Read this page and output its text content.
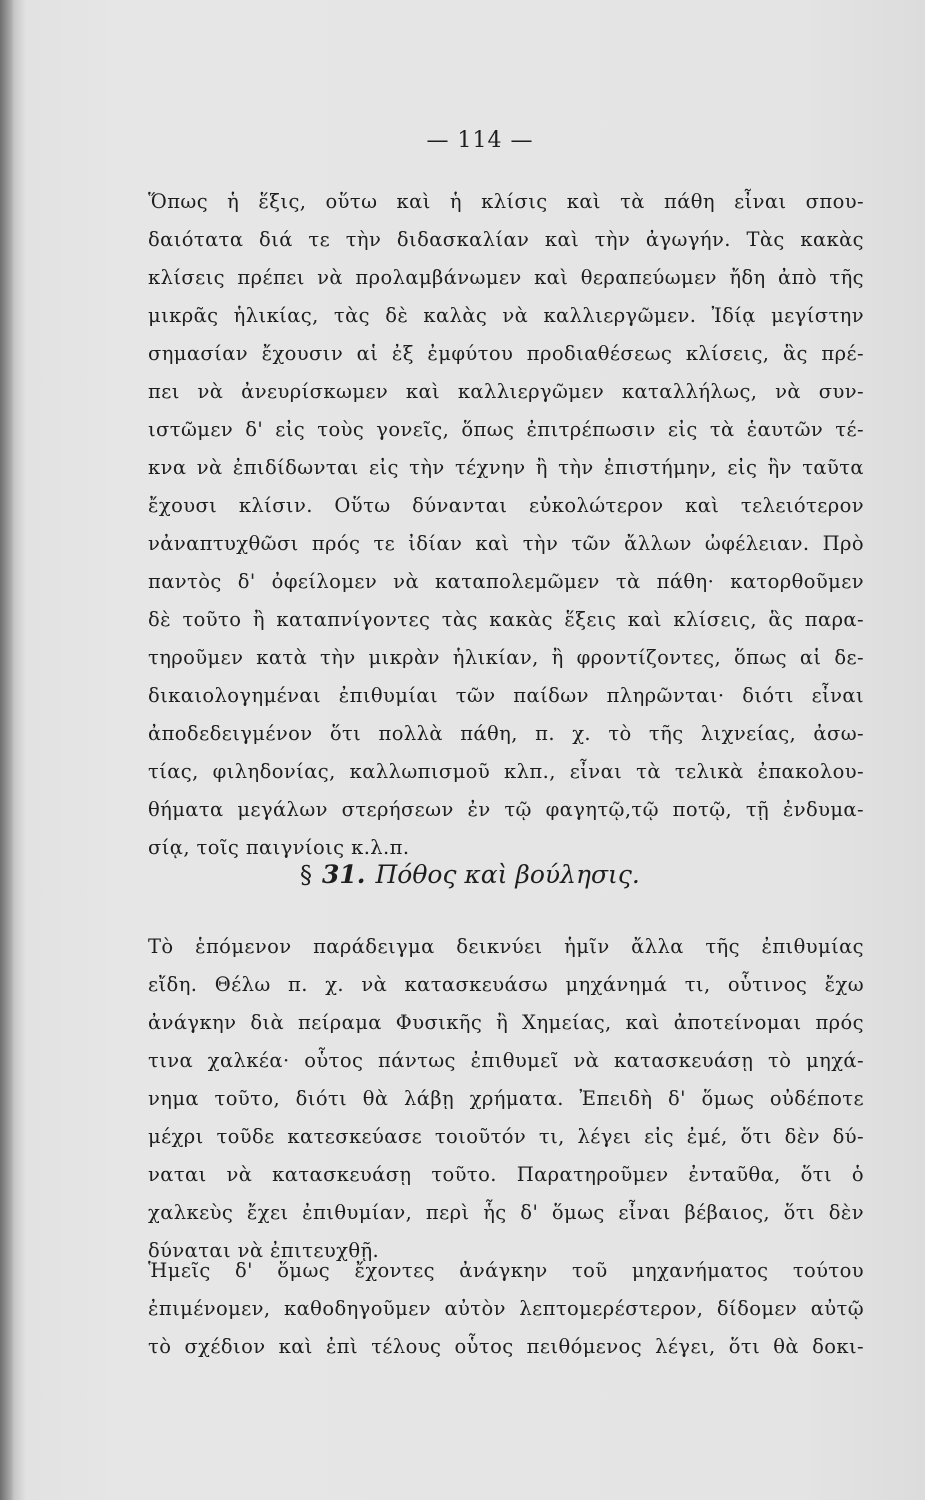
— 114 —
Ὅπως ἡ ἕξις, οὕτω καὶ ἡ κλίσις καὶ τὰ πάθη εἶναι σπου-
δαιότατα διά τε τὴν διδασκαλίαν καὶ τὴν ἀγωγήν. Τὰς κακὰς
κλίσεις πρέπει νὰ προλαμβάνωμεν καὶ θεραπεύωμεν ἤδη ἀπὸ τῆς
μικρᾶς ἡλικίας, τὰς δὲ καλὰς νὰ καλλιεργῶμεν. Ἰδίᾳ μεγίστην
σημασίαν ἔχουσιν αἱ ἐξ ἐμφύτου προδιαθέσεως κλίσεις, ἃς πρέ-
πει νὰ ἀνευρίσκωμεν καὶ καλλιεργῶμεν καταλλήλως, νὰ συν-
ιστῶμεν δ' εἰς τοὺς γονεῖς, ὅπως ἐπιτρέπωσιν εἰς τὰ ἑαυτῶν τέ-
κνα νὰ ἐπιδίδωνται εἰς τὴν τέχνην ἢ τὴν ἐπιστήμην, εἰς ἣν ταῦτα
ἔχουσι κλίσιν. Οὕτω δύνανται εὐκολώτερον καὶ τελειότερον
νἀναπτυχθῶσι πρός τε ἰδίαν καὶ τὴν τῶν ἄλλων ὠφέλειαν. Πρὸ
παντὸς δ' ὀφείλομεν νὰ καταπολεμῶμεν τὰ πάθη· κατορθοῦμεν
δὲ τοῦτο ἢ καταπνίγοντες τὰς κακὰς ἕξεις καὶ κλίσεις, ἃς παρα-
τηροῦμεν κατὰ τὴν μικρὰν ἡλικίαν, ἢ φροντίζοντες, ὅπως αἱ δε-
δικαιολογημέναι ἐπιθυμίαι τῶν παίδων πληρῶνται· διότι εἶναι
ἀποδεδειγμένον ὅτι πολλὰ πάθη, π. χ. τὸ τῆς λιχνείας, ἀσω-
τίας, φιληδονίας, καλλωπισμοῦ κλπ., εἶναι τὰ τελικὰ ἐπακολου-
θήματα μεγάλων στερήσεων ἐν τῷ φαγητῷ,τῷ ποτῷ, τῇ ἐνδυμα-
σίᾳ, τοῖς παιγνίοις κ.λ.π.
§ 31. Πόθος καὶ βούλησις.
Τὸ ἑπόμενον παράδειγμα δεικνύει ἡμῖν ἄλλα τῆς ἐπιθυμίας
εἴδη. Θέλω π. χ. νὰ κατασκευάσω μηχάνημά τι, οὗτινος ἔχω
ἀνάγκην διὰ πείραμα Φυσικῆς ἢ Χημείας, καὶ ἀποτείνομαι πρός
τινα χαλκέα· οὗτος πάντως ἐπιθυμεῖ νὰ κατασκευάσῃ τὸ μηχά-
νημα τοῦτο, διότι θὰ λάβῃ χρήματα. Ἐπειδὴ δ' ὅμως οὐδέποτε
μέχρι τοῦδε κατεσκεύασε τοιοῦτόν τι, λέγει εἰς ἐμέ, ὅτι δὲν δύ-
ναται νὰ κατασκευάσῃ τοῦτο. Παρατηροῦμεν ἐνταῦθα, ὅτι ὁ
χαλκεὺς ἔχει ἐπιθυμίαν, περὶ ἧς δ' ὅμως εἶναι βέβαιος, ὅτι δὲν
δύναται νὰ ἐπιτευχθῇ.
Ἡμεῖς δ' ὅμως ἔχοντες ἀνάγκην τοῦ μηχανήματος τούτου
ἐπιμένομεν, καθοδηγοῦμεν αὐτὸν λεπτομερέστερον, δίδομεν αὐτῷ
τὸ σχέδιον καὶ ἐπὶ τέλους οὗτος πειθόμενος λέγει, ὅτι θὰ δοκι-
